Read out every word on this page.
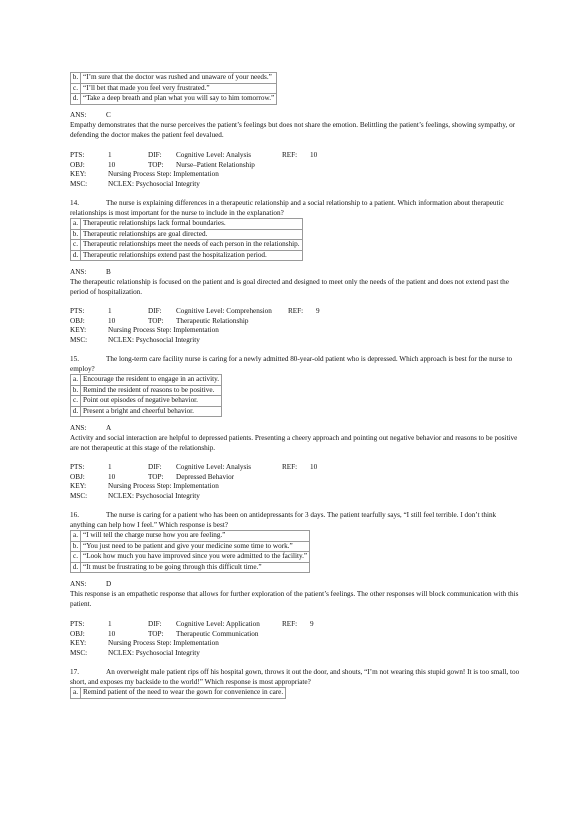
b.	“I’m sure that the doctor was rushed and unaware of your needs.”
c.	“I’ll bet that made you feel very frustrated.”
d.	“Take a deep breath and plan what you will say to him tomorrow.”
ANS:	C
Empathy demonstrates that the nurse perceives the patient’s feelings but does not share the emotion. Belittling the patient’s feelings, showing sympathy, or defending the doctor makes the patient feel devalued.
PTS:	1	DIF: Cognitive Level: Analysis	REF: 10
OBJ:	10	TOP: Nurse–Patient Relationship
KEY:	Nursing Process Step: Implementation
MSC:	NCLEX: Psychosocial Integrity
14.	The nurse is explaining differences in a therapeutic relationship and a social relationship to a patient. Which information about therapeutic relationships is most important for the nurse to include in the explanation?
a.	Therapeutic relationships lack formal boundaries.
b.	Therapeutic relationships are goal directed.
c.	Therapeutic relationships meet the needs of each person in the relationship.
d.	Therapeutic relationships extend past the hospitalization period.
ANS:	B
The therapeutic relationship is focused on the patient and is goal directed and designed to meet only the needs of the patient and does not extend past the period of hospitalization.
PTS:	1	DIF: Cognitive Level: Comprehension REF: 9
OBJ:	10	TOP: Therapeutic Relationship
KEY:	Nursing Process Step: Implementation
MSC:	NCLEX: Psychosocial Integrity
15.	The long-term care facility nurse is caring for a newly admitted 80-year-old patient who is depressed. Which approach is best for the nurse to employ?
a.	Encourage the resident to engage in an activity.
b.	Remind the resident of reasons to be positive.
c.	Point out episodes of negative behavior.
d.	Present a bright and cheerful behavior.
ANS:	A
Activity and social interaction are helpful to depressed patients. Presenting a cheery approach and pointing out negative behavior and reasons to be positive are not therapeutic at this stage of the relationship.
PTS:	1	DIF: Cognitive Level: Analysis	REF: 10
OBJ:	10	TOP: Depressed Behavior
KEY:	Nursing Process Step: Implementation
MSC:	NCLEX: Psychosocial Integrity
16.	The nurse is caring for a patient who has been on antidepressants for 3 days. The patient tearfully says, “I still feel terrible. I don’t think anything can help how I feel.” Which response is best?
a.	“I will tell the charge nurse how you are feeling.”
b.	“You just need to be patient and give your medicine some time to work.”
c.	“Look how much you have improved since you were admitted to the facility.”
d.	“It must be frustrating to be going through this difficult time.”
ANS:	D
This response is an empathetic response that allows for further exploration of the patient’s feelings. The other responses will block communication with this patient.
PTS:	1	DIF: Cognitive Level: Application	REF: 9
OBJ:	10	TOP: Therapeutic Communication
KEY:	Nursing Process Step: Implementation
MSC:	NCLEX: Psychosocial Integrity
17.	An overweight male patient rips off his hospital gown, throws it out the door, and shouts, “I’m not wearing this stupid gown! It is too small, too short, and exposes my backside to the world!” Which response is most appropriate?
a.	Remind patient of the need to wear the gown for convenience in care.
